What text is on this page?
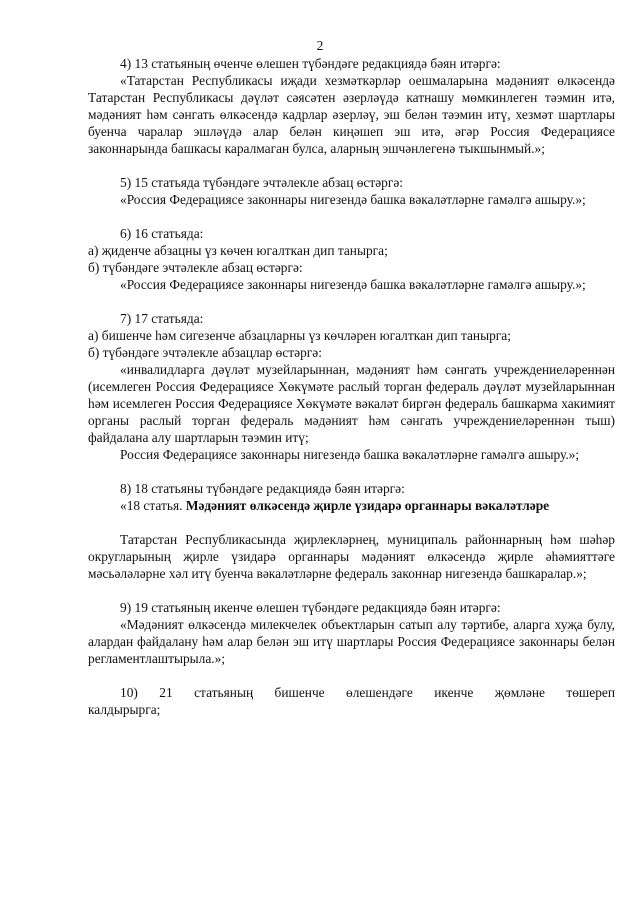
2

4) 13 статьяның өченче өлешен түбәндәге редакциядә бәян итәргә:

«Татарстан Республикасы иҗади хезмәткәрләр оешмаларына мәдәният өлкәсендә Татарстан Республикасы дәүләт сәясәтен әзерләүдә катнашу мөмкинлеген тәэмин итә, мәдәният һәм сәнгать өлкәсендә кадрлар әзерләү, эш белән тәэмин итү, хезмәт шартлары буенча чаралар эшләүдә алар белән киңәшеп эш итә, әгәр Россия Федерациясе законнарында башкасы каралмаган булса, аларның эшчәнлегенә тыкшынмый.»;

5) 15 статьяда түбәндәге эчтәлекле абзац өстәргә:

«Россия Федерациясе законнары нигезендә башка вәкаләтләрне гамәлгә ашыру.»;

6) 16 статьяда:

а) җиденче абзацны үз көчен югалткан дип танырга;

б) түбәндәге эчтәлекле абзац өстәргә:

«Россия Федерациясе законнары нигезендә башка вәкаләтләрне гамәлгә ашыру.»;

7) 17 статьяда:

а) бишенче һәм сигезенче абзацларны үз көчләрен югалткан дип танырга;

б) түбәндәге эчтәлекле абзацлар өстәргә:

«инвалидларга дәүләт музейларыннан, мәдәният һәм сәнгать учреждениеләреннән (исемлеген Россия Федерациясе Хөкүмәте раслый торган федераль дәүләт музейларыннан һәм исемлеген Россия Федерациясе Хөкүмәте вәкаләт биргән федераль башкарма хакимият органы раслый торган федераль мәдәният һәм сәнгать учреждениеләреннән тыш) файдалана алу шартларын тәэмин итү;

Россия Федерациясе законнары нигезендә башка вәкаләтләрне гамәлгә ашыру.»;

8) 18 статьяны түбәндәге редакциядә бәян итәргә:

«18 статья. Мәдәният өлкәсендә җирле үзидарә органнары вәкаләтләре

Татарстан Республикасында җирлекләрнең, муниципаль районнарның һәм шәһәр округларының җирле үзидарә органнары мәдәният өлкәсендә җирле әһәмияттәге мәсьәләләрне хәл итү буенча вәкаләтләрне федераль законнар нигезендә башкаралар.»;

9) 19 статьяның икенче өлешен түбәндәге редакциядә бәян итәргә:

«Мәдәният өлкәсендә милекчелек объектларын сатып алу тәртибе, аларга хуҗа булу, алардан файдалану һәм алар белән эш итү шартлары Россия Федерациясе законнары белән регламентлаштырыла.»;

10) 21 статьяның бишенче өлешендәге икенче җөмләне төшереп

калдырырга;
